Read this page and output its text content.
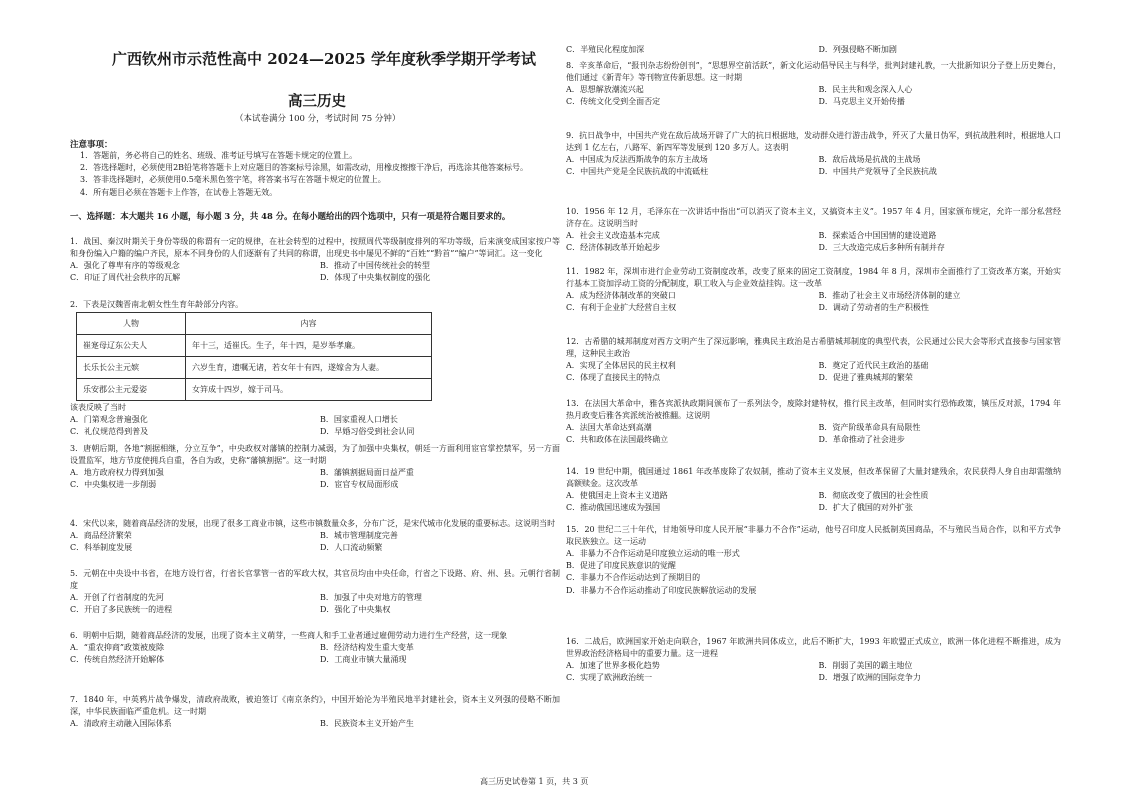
广西钦州市示范性高中 2024—2025 学年度秋季学期开学考试
高三历史
（本试卷满分 100 分，考试时间 75 分钟）
注意事项：
1．答题前，务必将自己的姓名、班级、准考证号填写在答题卡规定的位置上。
2．答选择题时，必须使用2B铅笔将答题卡上对应题目的答案标号涂黑，如需改动，用橡皮擦擦干净后，再选涂其他答案标号。
3．答非选择题时，必须使用0.5毫米黑色签字笔，将答案书写在答题卡规定的位置上。
4．所有题目必须在答题卡上作答，在试卷上答题无效。
一、选择题：本大题共 16 小题，每小题 3 分，共 48 分。在每小题给出的四个选项中，只有一项是符合题目要求的。
1．战国、秦汉时期关于身份等级的称谓有一定的规律，在社会转型的过程中，按照周代等级制度排列的军功等级，后来演变成国家按户等和身份编入户籍的编户齐民，原本不同身份的人们逐渐有了共同的称谓，出现史书中屡见不鲜的“百姓”“黔首”“编户”等词汇。这一变化
A．强化了尊卑有序的等级观念	B．推动了中国传统社会的转型
C．印证了周代社会秩序的瓦解	D．体现了中央集权制度的强化
2．下表是汉魏晋南北朝女性生育年龄部分内容。
人物	内容
崔寔母辽东公夫人	年十三，适崔氏。生子，年十四，是岁举孝廉。
长乐长公主元嫔	六岁生育，遗嘱无诸，若女年十有四，遂嫁舍为人妻。
乐安郡公主元爱姿	女笄成十四岁，嫁于司马。
该表反映了当时
A．门第观念普遍强化	B．国家重视人口增长
C．礼仪规范得到普及	D．早婚习俗受到社会认同
3．唐朝后期，各地“割据相继，分立互争”，中央政权对藩镇的控制力减弱，为了加强中央集权，朝廷一方面利用宦官掌控禁军，另一方面设置监军，地方节度使拥兵自重，各自为政，史称“藩镇割据”。这一时期
A．地方政府权力得到加强	B．藩镇割据局面日益严重
C．中央集权进一步削弱	D．宦官专权局面形成
4．宋代以来，随着商品经济的发展，出现了很多工商业市镇，这些市镇数量众多，分布广泛，是宋代城市化发展的重要标志。这说明当时
A．商品经济繁荣	B．城市管理制度完善
C．科举制度发展	D．人口流动频繁
5．元朝在中央设中书省，在地方设行省，行省长官掌管一省的军政大权，其官员均由中央任命，行省之下设路、府、州、县。元朝行省制度
A．开创了行省制度的先河	B．加强了中央对地方的管理
C．开启了多民族统一的进程	D．强化了中央集权
6．明朝中后期，随着商品经济的发展，出现了资本主义萌芽，一些商人和手工业者通过雇佣劳动力进行生产经营，这一现象
A．“重农抑商”政策被废除	B．经济结构发生重大变革
C．传统自然经济开始解体	D．工商业市镇大量涌现
7．1840 年，中英鸦片战争爆发，清政府战败，被迫签订《南京条约》，中国开始沦为半殖民地半封建社会，资本主义列强的侵略不断加深，中华民族面临严重危机。这一时期
A．清政府主动融入国际体系	B．民族资本主义开始产生
C．半殖民化程度加深	D．列强侵略不断加剧
8．辛亥革命后，“报刊杂志纷纷创刊”，“思想界空前活跃”，新文化运动倡导民主与科学，批判封建礼教，一大批新知识分子登上历史舞台，他们通过《新青年》等刊物宣传新思想。这一时期
A．思想解放潮流兴起	B．民主共和观念深入人心
C．传统文化受到全面否定	D．马克思主义开始传播
9．抗日战争中，中国共产党在敌后战场开辟了广大的抗日根据地，发动群众进行游击战争，歼灭了大量日伪军，到抗战胜利时，根据地人口达到 1 亿左右，八路军、新四军等发展到 120 多万人。这表明
A．中国成为反法西斯战争的东方主战场	B．敌后战场是抗战的主战场
C．中国共产党是全民族抗战的中流砥柱	D．中国共产党领导了全民族抗战
10．1956 年 12 月，毛泽东在一次讲话中指出“可以消灭了资本主义，又搞资本主义”。1957 年 4 月，国家颁布规定，允许一部分私营经济存在。这说明当时
A．社会主义改造基本完成	B．探索适合中国国情的建设道路
C．经济体制改革开始起步	D．三大改造完成后多种所有制并存
11．1982 年，深圳市进行企业劳动工资制度改革，改变了原来的固定工资制度，1984 年 8 月，深圳市全面推行了工资改革方案，开始实行基本工资加浮动工资的分配制度，职工收入与企业效益挂钩。这一改革
A．成为经济体制改革的突破口	B．推动了社会主义市场经济体制的建立
C．有利于企业扩大经营自主权	D．调动了劳动者的生产积极性
12．古希腊的城邦制度对西方文明产生了深远影响，雅典民主政治是古希腊城邦制度的典型代表，公民通过公民大会等形式直接参与国家管理，这种民主政治
A．实现了全体居民的民主权利	B．奠定了近代民主政治的基础
C．体现了直接民主的特点	D．促进了雅典城邦的繁荣
13．在法国大革命中，雅各宾派执政期间颁布了一系列法令，废除封建特权，推行民主改革，但同时实行恐怖政策，镇压反对派，1794 年热月政变后雅各宾派统治被推翻。这说明
A．法国大革命达到高潮	B．资产阶级革命具有局限性
C．共和政体在法国最终确立	D．革命推动了社会进步
14．19 世纪中期，俄国通过 1861 年改革废除了农奴制，推动了资本主义发展，但改革保留了大量封建残余，农民获得人身自由却需缴纳高额赎金。这次改革
A．使俄国走上资本主义道路	B．彻底改变了俄国的社会性质
C．推动俄国迅速成为强国	D．扩大了俄国的对外扩张
15．20 世纪二三十年代，甘地领导印度人民开展“非暴力不合作”运动，他号召印度人民抵制英国商品，不与殖民当局合作，以和平方式争取民族独立。这一运动
A．非暴力不合作运动是印度独立运动的唯一形式
B．促进了印度民族意识的觉醒
C．非暴力不合作运动达到了预期目的
D．非暴力不合作运动推动了印度民族解放运动的发展
16．二战后，欧洲国家开始走向联合，1967 年欧洲共同体成立，此后不断扩大，1993 年欧盟正式成立，欧洲一体化进程不断推进，成为世界政治经济格局中的重要力量。这一进程
A．加速了世界多极化趋势	B．削弱了美国的霸主地位
C．实现了欧洲政治统一	D．增强了欧洲的国际竞争力
高三历史试卷第 1 页，共 3 页
